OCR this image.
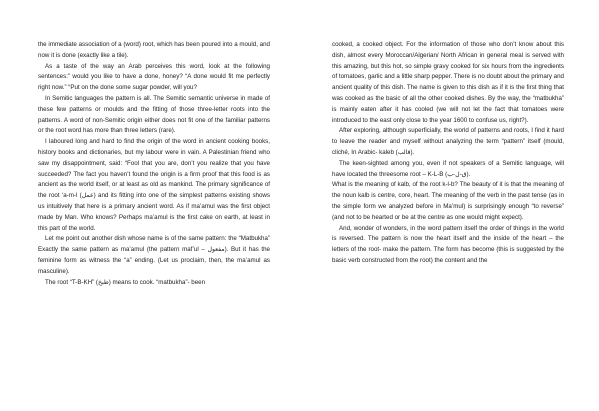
the immediate association of a (word) root, which has been poured into a mould, and now it is done (exactly like a tile).

As a taste of the way an Arab perceives this word, look at the following sentences:” would you like to have a done, honey? “A done would fit me perfectly right now.” “Put on the done some sugar powder, will you?

In Semitic languages the pattern is all. The Semitic semantic universe in made of these few patterns or moulds and the fitting of those three-letter roots into the patterns. A word of non-Semitic origin either does not fit one of the familiar patterns or the root word has more than three letters (rare).

I laboured long and hard to find the origin of the word in ancient cooking books, history books and dictionaries, but my labour were in vain. A Palestinian friend who saw my disappointment, said: “Fool that you are, don’t you realize that you have succeeded? The fact you haven’t found the origin is a firm proof that this food is as ancient as the world itself, or at least as old as mankind. The primary significance of the root ‘a-m-l (عمل) and its fitting into one of the simplest patterns existing shows us intuitively that here is a primary ancient word. As if ma’amul was the first object made by Man. Who knows? Perhaps ma’amul is the first cake on earth, at least in this part of the world.

Let me point out another dish whose name is of the same pattern: the “Matbukha” Exactly the same pattern as ma’amul (the pattern maf’ul – مفعول). But it has the feminine form as witness the “a” ending. (Let us proclaim, then, the ma’amul as masculine).

The root “T-B-KH” (طبخ) means to cook. “matbukha”- been

cooked, a cooked object. For the information of those who don’t know about this dish, almost every Moroccan/Algerian/ North African in general meal is served with this amazing, but this hot, so simple gravy cooked for six hours from the ingredients of tomatoes, garlic and a little sharp pepper. There is no doubt about the primary and ancient quality of this dish. The name is given to this dish as if it is the first thing that was cooked as the basic of all the other cooked dishes. By the way, the “matbukha” is mainly eaten after it has cooled (we will not let the fact that tomatoes were introduced to the east only close to the year 1600 to confuse us, right?).

After exploring, although superficially, the world of patterns and roots, I find it hard to leave the reader and myself without analyzing the term “pattern” itself (mould, cliché, In Arabic- kaleb (قالب).

The keen-sighted among you, even if not speakers of a Semitic language, will have located the threesome root – K-L-B (ق-ل-ب).

What is the meaning of kalb, of the root k-l-b? The beauty of it is that the meaning of the noun kalb is centre, core, heart. The meaning of the verb in the past tense (as in the simple form we analyzed before in Ma’mul) is surprisingly enough “to reverse” (and not to be hearted or be at the centre as one would might expect).

And, wonder of wonders, in the word pattern itself the order of things in the world is reversed. The pattern is now the heart itself and the inside of the heart – the letters of the root- make the pattern. The form has become (this is suggested by the basic verb constructed from the root) the content and the
